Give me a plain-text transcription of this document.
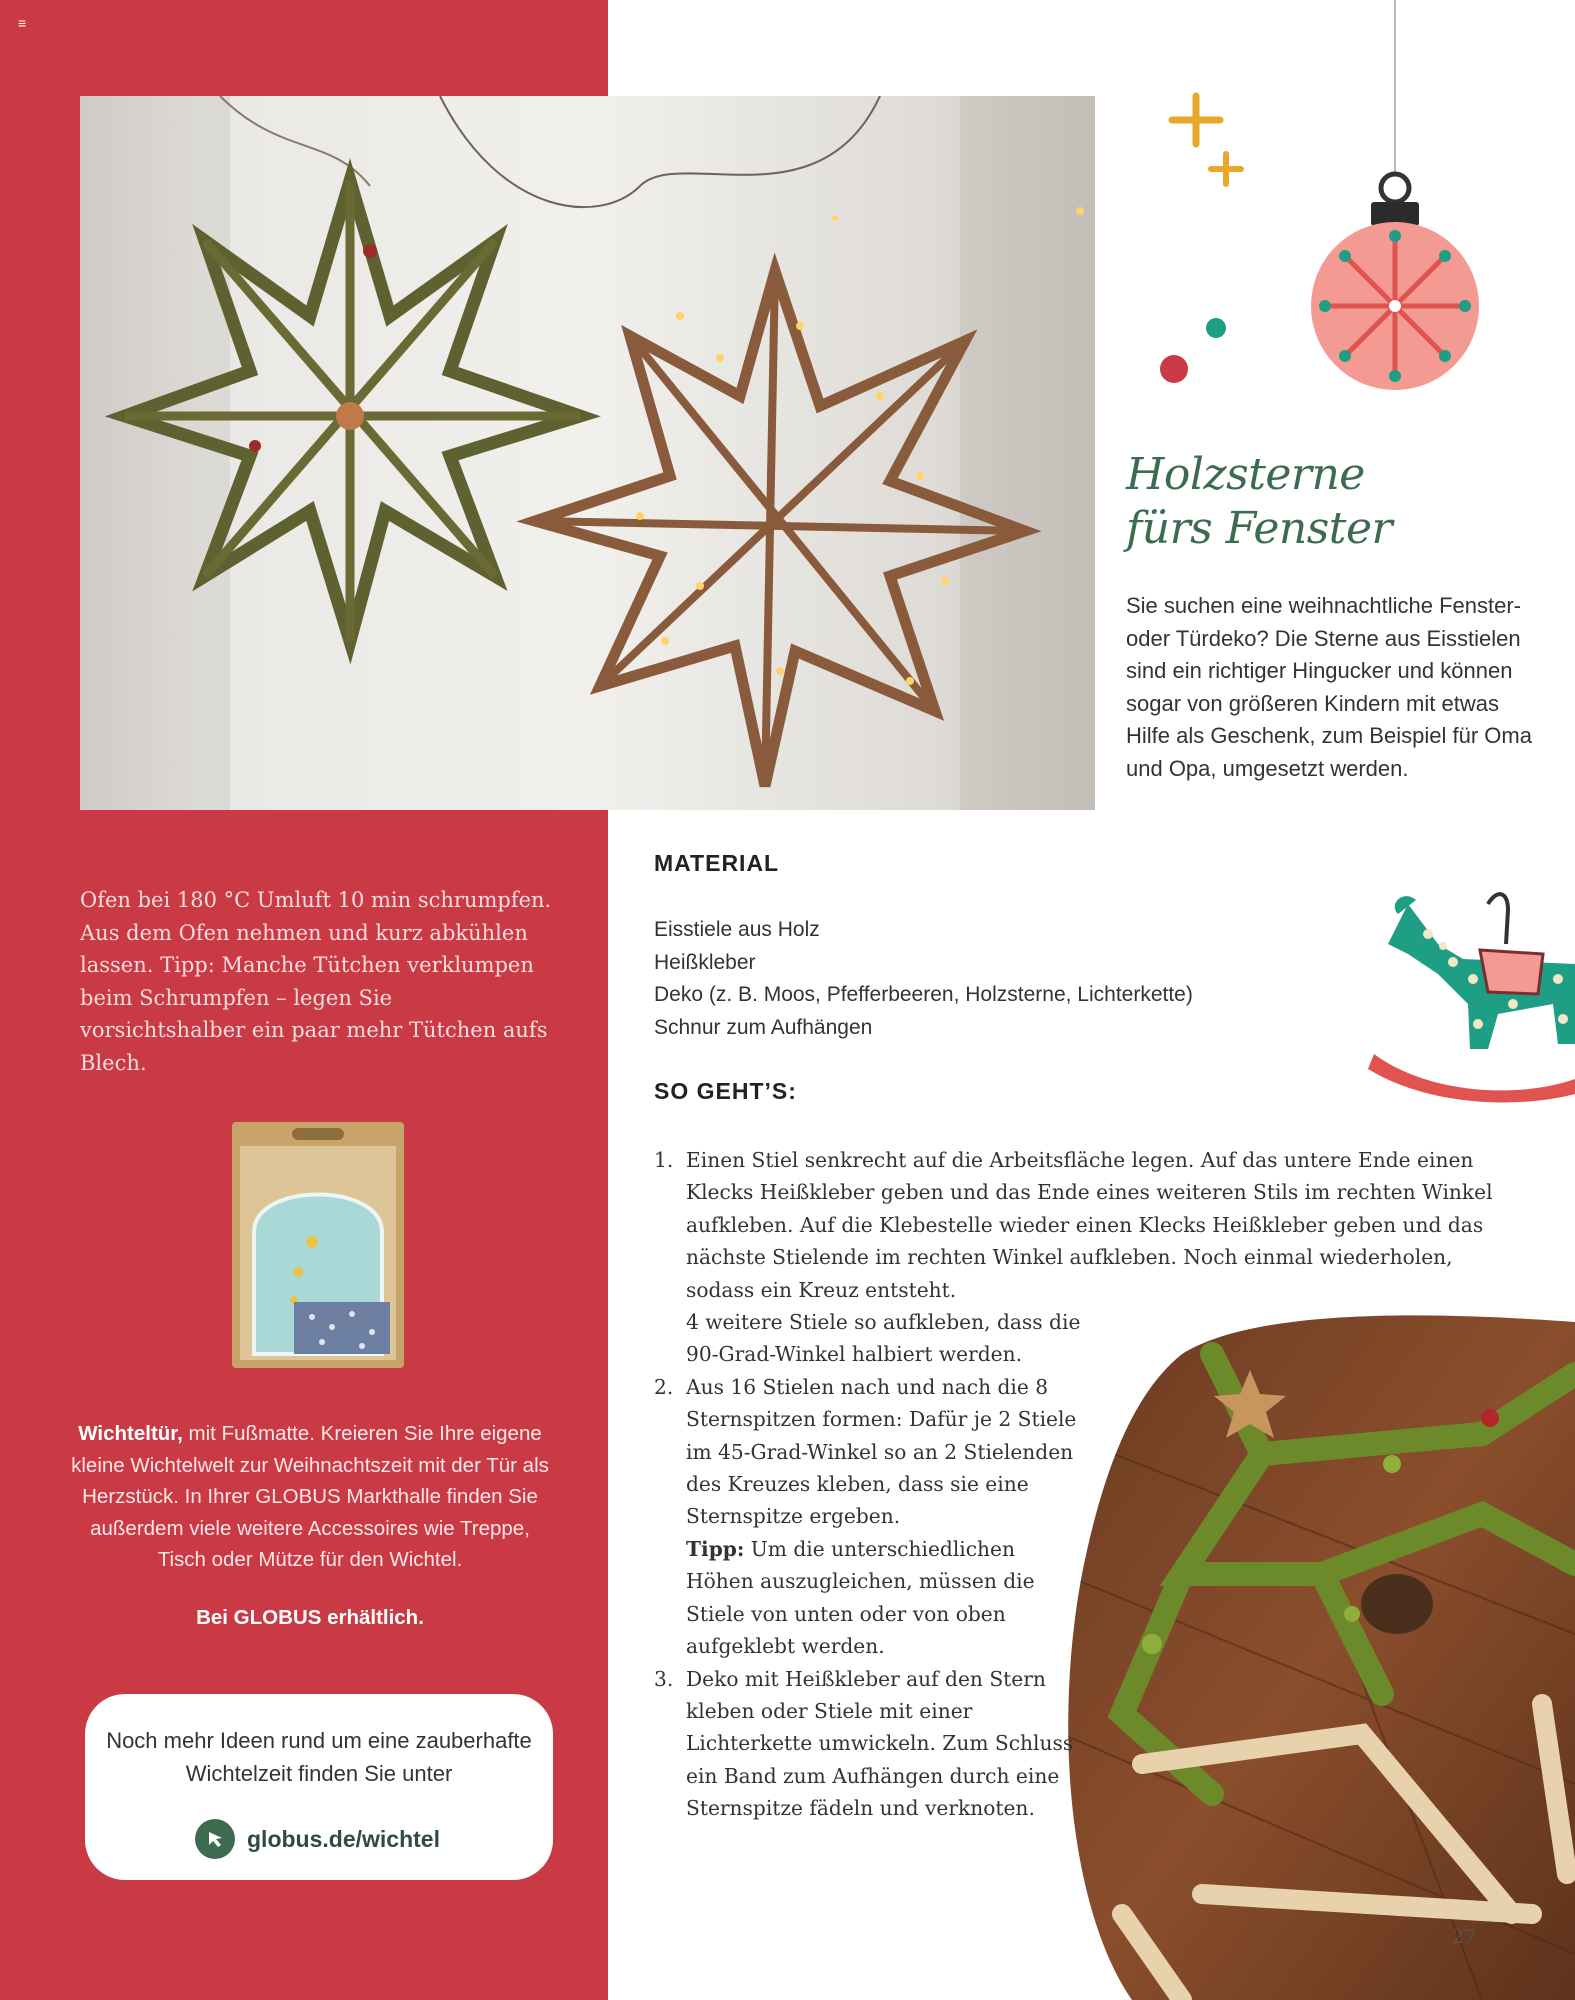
≡
Holzsterne
fürs Fenster
Sie suchen eine weihnachtliche Fenster- oder Türdeko? Die Sterne aus Eisstielen sind ein richtiger Hingucker und können sogar von größeren Kindern mit etwas Hilfe als Geschenk, zum Beispiel für Oma und Opa, umgesetzt werden.
Ofen bei 180 °C Umluft 10 min schrumpfen. Aus dem Ofen nehmen und kurz abkühlen lassen. Tipp: Manche Tütchen verklumpen beim Schrumpfen – legen Sie vorsichtshalber ein paar mehr Tütchen aufs Blech.
Wichteltür, mit Fußmatte. Kreieren Sie Ihre eigene kleine Wichtelwelt zur Weihnachtszeit mit der Tür als Herzstück. In Ihrer GLOBUS Markthalle finden Sie außerdem viele weitere Accessoires wie Treppe, Tisch oder Mütze für den Wichtel.
Bei GLOBUS erhältlich.
Noch mehr Ideen rund um eine zauberhafte Wichtelzeit finden Sie unter
globus.de/wichtel
MATERIAL
Eisstiele aus Holz
Heißkleber
Deko (z. B. Moos, Pfefferbeeren, Holzsterne, Lichterkette)
Schnur zum Aufhängen
SO GEHT’S:
1. Einen Stiel senkrecht auf die Arbeitsfläche legen. Auf das untere Ende einen Klecks Heißkleber geben und das Ende eines weiteren Stils im rechten Winkel aufkleben. Auf die Klebestelle wieder einen Klecks Heißkleber geben und das nächste Stielende im rechten Winkel aufkleben. Noch einmal wiederholen, sodass ein Kreuz entsteht.

4 weitere Stiele so aufkleben, dass die 90-Grad-Winkel halbiert werden.

2. Aus 16 Stielen nach und nach die 8 Sternspitzen formen: Dafür je 2 Stiele im 45-Grad-Winkel so an 2 Stielenden des Kreuzes kleben, dass sie eine Sternspitze ergeben.

Tipp: Um die unterschiedlichen Höhen auszugleichen, müssen die Stiele von unten oder von oben aufgeklebt werden.

3. Deko mit Heißkleber auf den Stern kleben oder Stiele mit einer Lichterkette umwickeln. Zum Schluss ein Band zum Aufhängen durch eine Sternspitze fädeln und verknoten.

27
